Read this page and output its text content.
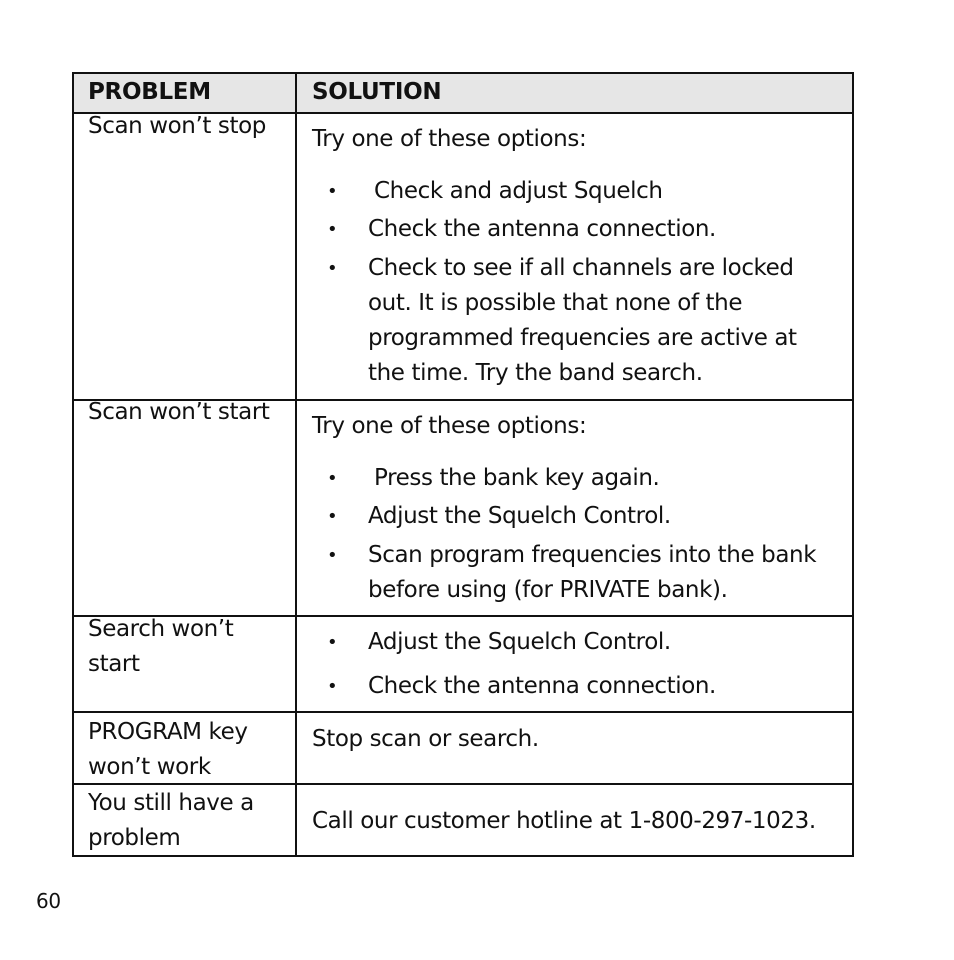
PROBLEM	SOLUTION
Scan won’t stop Try one of these options:
• Check and adjust Squelch
• Check the antenna connection.
• Check to see if all channels are locked
out. It is possible that none of the
programmed frequencies are active at
the time. Try the band search.
Scan won’t start
Try one of these options:
• Press the bank key again.
• Adjust the Squelch Control.
• Scan program frequencies into the bank
before using (for PRIVATE bank).
Search won’t
start
• Adjust the Squelch Control.
• Check the antenna connection.
PROGRAM key
won’t work
Stop scan or search.
You still have a
problem
Call our customer hotline at 1-800-297-1023.
60
